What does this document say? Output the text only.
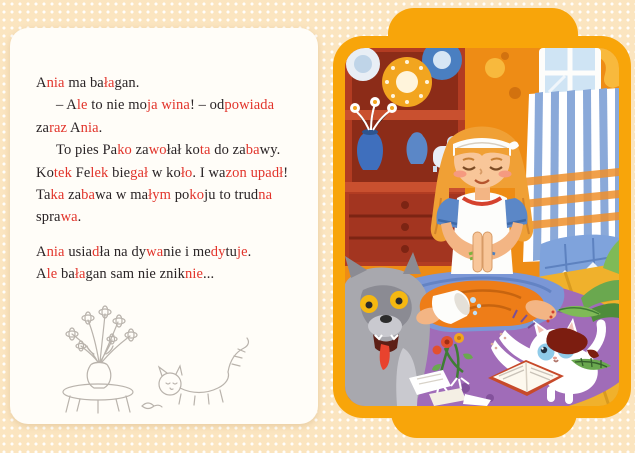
Ania ma bałagan.
– Ale to nie moja wina! – odpowiada
zaraz Ania.
To pies Pako zawołał kota do zabawy.
Kotek Felek biegał w koło. I wazon upadł!
Taka zabawa w małym pokoju to trudna
sprawa.
Ania usiadła na dywanie i medytuje.
Ale bałagan sam nie zniknie...
